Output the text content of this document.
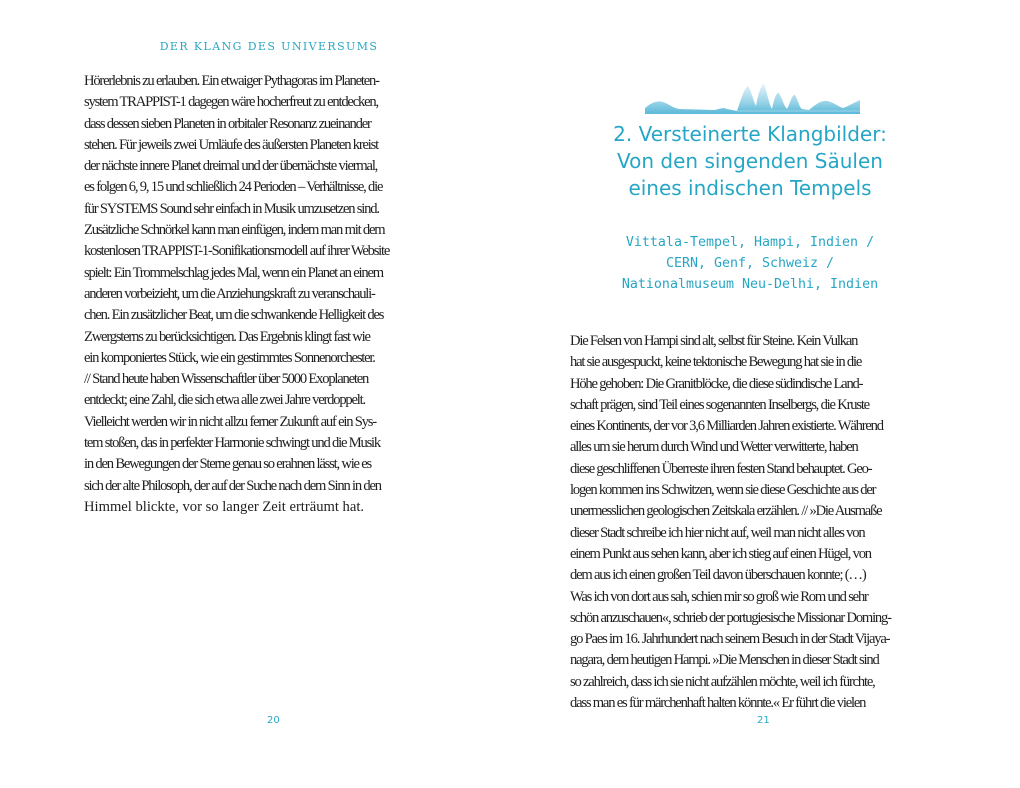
DER KLANG DES UNIVERSUMS
Hörerlebnis zu erlauben. Ein etwaiger Pythagoras im Planeten-
system TRAPPIST-1 dagegen wäre hocherfreut zu entdecken,
dass dessen sieben Planeten in orbitaler Resonanz zueinander
stehen. Für jeweils zwei Umläufe des äußersten Planeten kreist
der nächste innere Planet dreimal und der übernächste viermal,
es folgen 6, 9, 15 und schließlich 24 Perioden – Verhältnisse, die
für SYSTEMS Sound sehr einfach in Musik umzusetzen sind.
Zusätzliche Schnörkel kann man einfügen, indem man mit dem
kostenlosen TRAPPIST-1-Sonifikationsmodell auf ihrer Website
spielt: Ein Trommelschlag jedes Mal, wenn ein Planet an einem
anderen vorbeizieht, um die Anziehungskraft zu veranschauli-
chen. Ein zusätzlicher Beat, um die schwankende Helligkeit des
Zwergsterns zu berücksichtigen. Das Ergebnis klingt fast wie
ein komponiertes Stück, wie ein gestimmtes Sonnenorchester.
// Stand heute haben Wissenschaftler über 5000 Exoplaneten
entdeckt; eine Zahl, die sich etwa alle zwei Jahre verdoppelt.
Vielleicht werden wir in nicht allzu ferner Zukunft auf ein Sys-
tem stoßen, das in perfekter Harmonie schwingt und die Musik
in den Bewegungen der Sterne genau so erahnen lässt, wie es
sich der alte Philosoph, der auf der Suche nach dem Sinn in den
Himmel blickte, vor so langer Zeit erträumt hat.
20
2. Versteinerte Klangbilder:
Von den singenden Säulen
eines indischen Tempels
Vittala-Tempel, Hampi, Indien /
CERN, Genf, Schweiz /
Nationalmuseum Neu-Delhi, Indien
21
Die Felsen von Hampi sind alt, selbst für Steine. Kein Vulkan
hat sie ausgespuckt, keine tektonische Bewegung hat sie in die
Höhe gehoben: Die Granitblöcke, die diese südindische Land-
schaft prägen, sind Teil eines sogenannten Inselbergs, die Kruste
eines Kontinents, der vor 3,6 Milliarden Jahren existierte. Während
alles um sie herum durch Wind und Wetter verwitterte, haben
diese geschliffenen Überreste ihren festen Stand behauptet. Geo-
logen kommen ins Schwitzen, wenn sie diese Geschichte aus der
unermesslichen geologischen Zeitskala erzählen. // »Die Ausmaße
dieser Stadt schreibe ich hier nicht auf, weil man nicht alles von
einem Punkt aus sehen kann, aber ich stieg auf einen Hügel, von
dem aus ich einen großen Teil davon überschauen konnte; (…)
Was ich von dort aus sah, schien mir so groß wie Rom und sehr
schön anzuschauen«, schrieb der portugiesische Missionar Doming-
go Paes im 16. Jahrhundert nach seinem Besuch in der Stadt Vijaya-
nagara, dem heutigen Hampi. »Die Menschen in dieser Stadt sind
so zahlreich, dass ich sie nicht aufzählen möchte, weil ich fürchte,
dass man es für märchenhaft halten könnte.« Er führt die vielen
